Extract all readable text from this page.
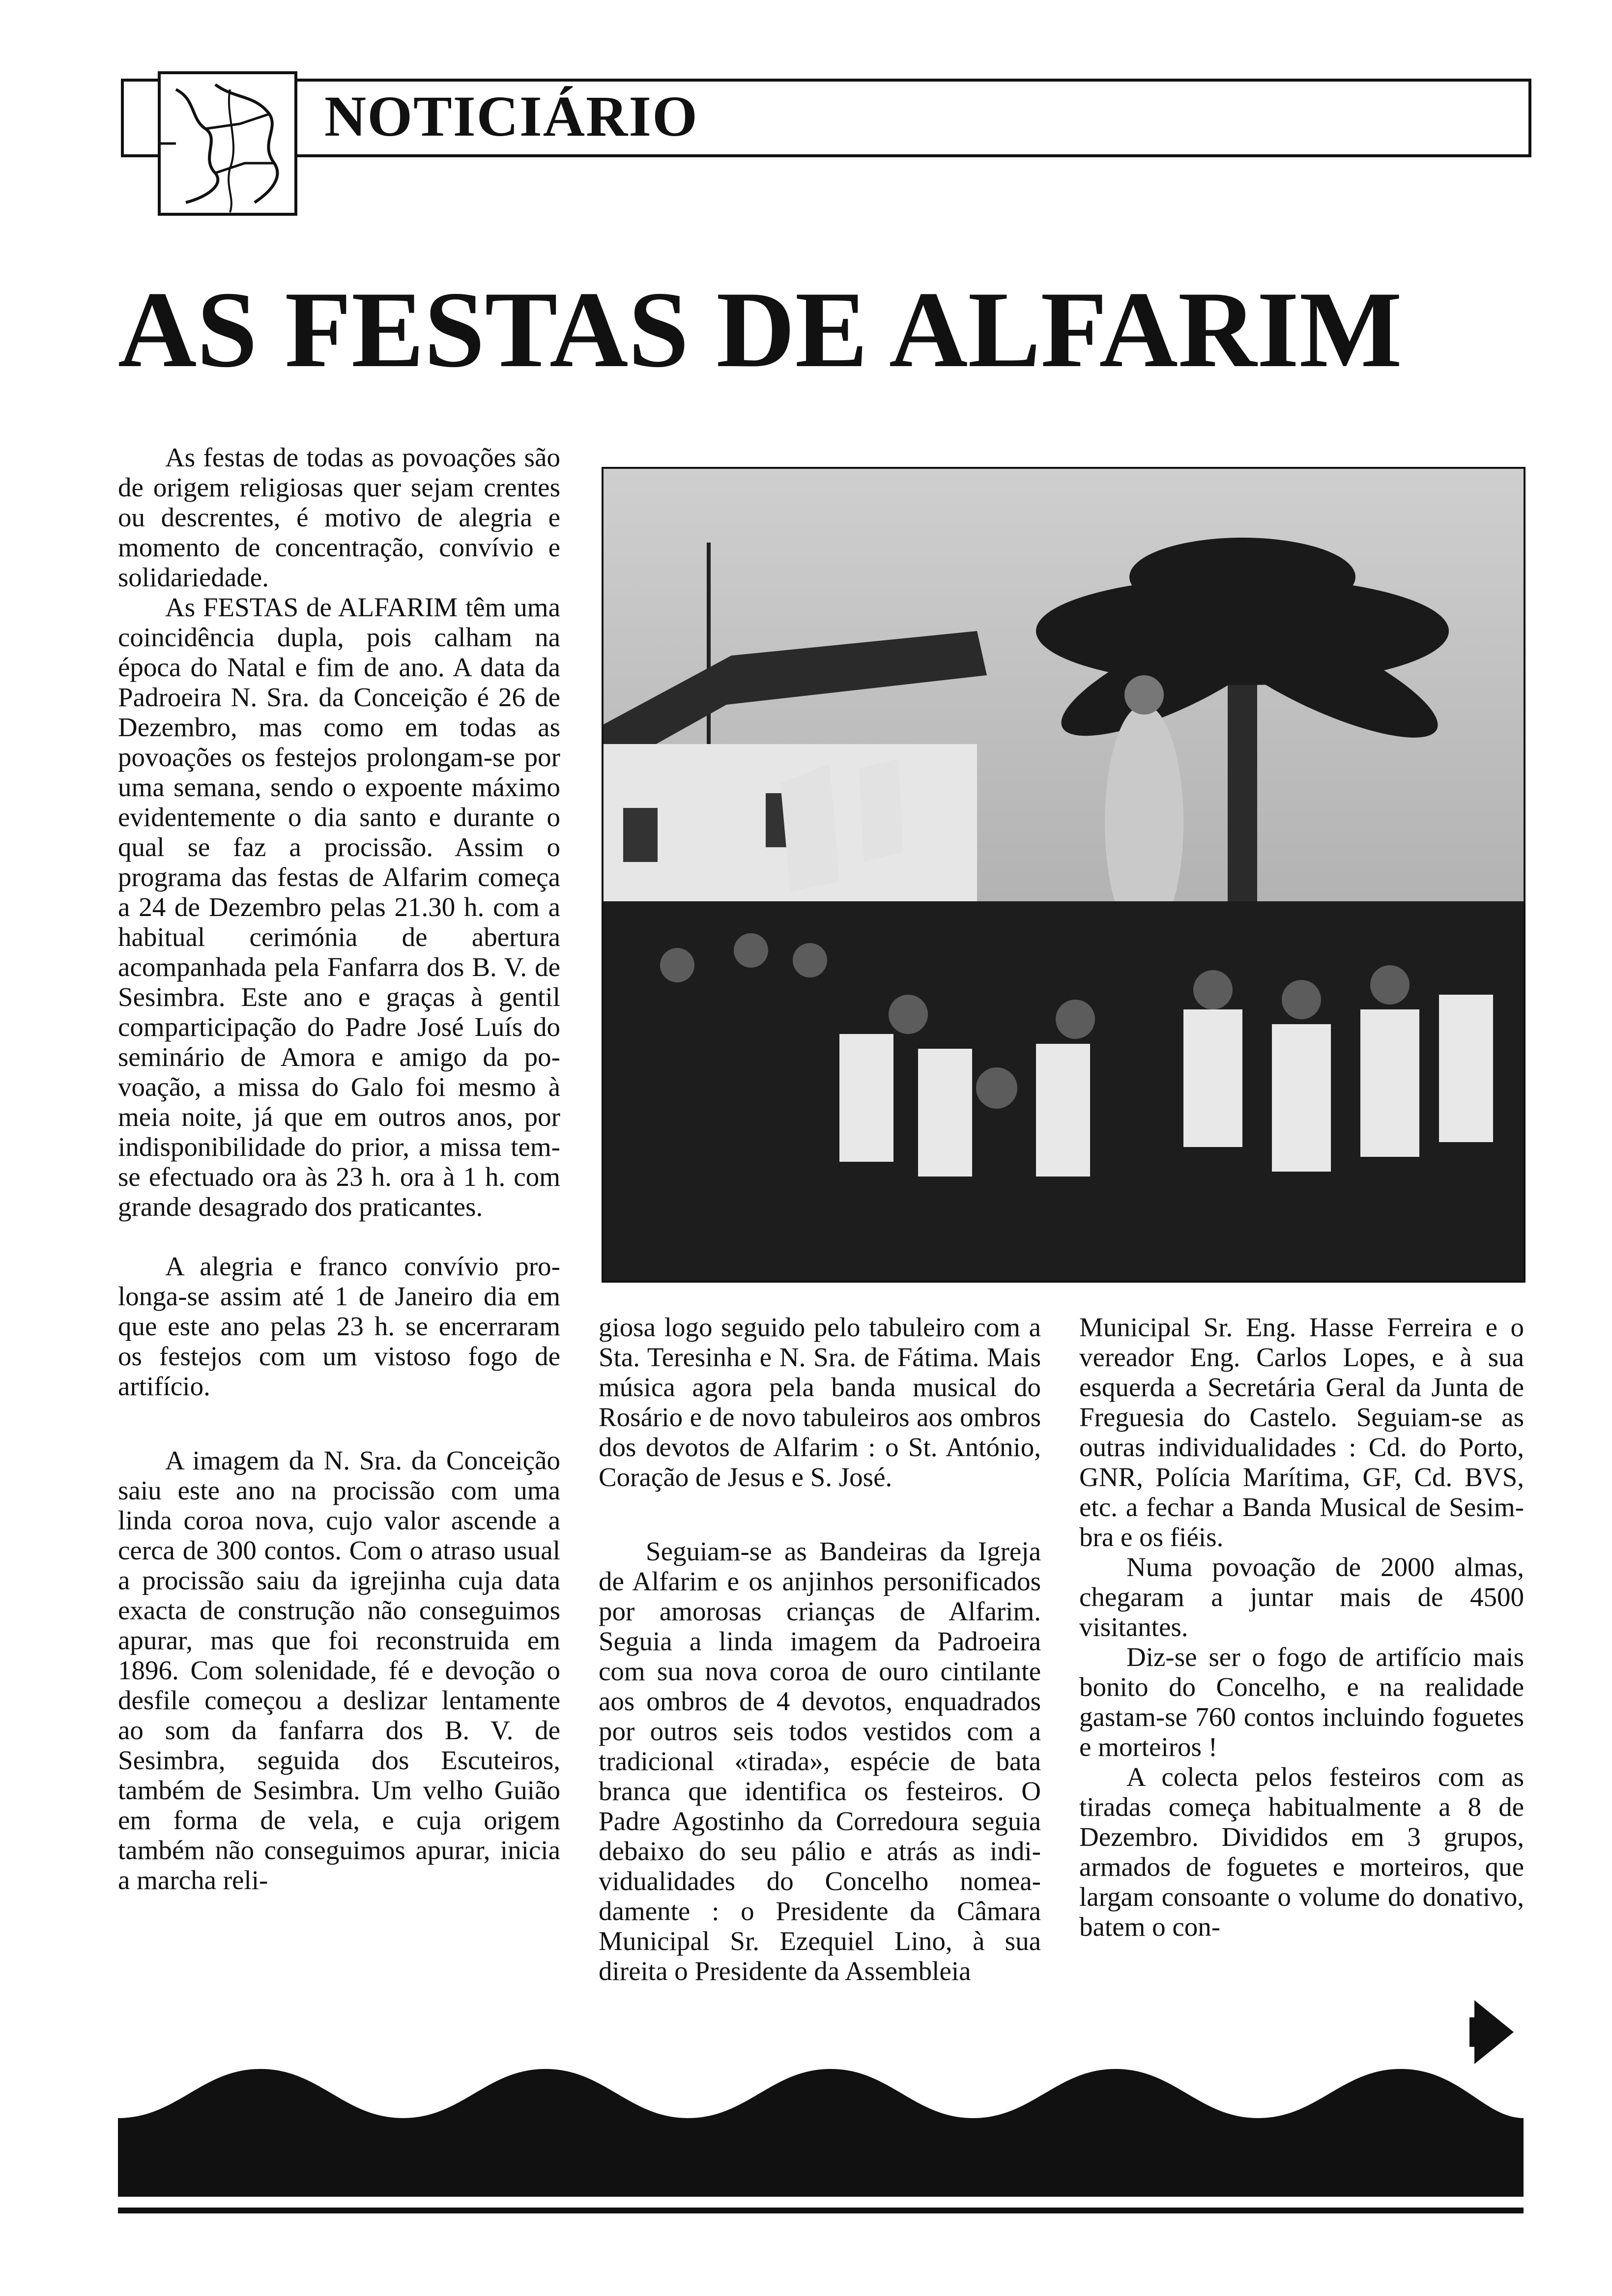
NOTICIÁRIO
AS FESTAS DE ALFARIM

As festas de todas as povoações são de origem religiosas quer sejam crentes ou descrentes, é motivo de alegria e momento de concentração, convívio e solidariedade.

As FESTAS de ALFARIM têm uma coincidência dupla, pois calham na época do Natal e fim de ano. A data da Padroeira N. Sra. da Conceição é 26 de Dezembro, mas como em todas as povoações os festejos prolongam-se por uma semana, sendo o expoente máximo evidentemente o dia santo e durante o qual se faz a procissão. Assim o programa das festas de Alfarim começa a 24 de Dezembro pelas 21.30 h. com a habitual cerimónia de abertura acompanhada pela Fanfarra dos B. V. de Sesimbra. Este ano e graças à gentil comparticipação do Padre José Luís do seminário de Amora e amigo da povoação, a missa do Galo foi mesmo à meia noite, já que em outros anos, por indisponibilidade do prior, a missa tem-se efectuado ora às 23 h. ora à 1 h. com grande desagrado dos praticantes.

A alegria e franco convívio prolonga-se assim até 1 de Janeiro dia em que este ano pelas 23 h. se encerraram os festejos com um vistoso fogo de artifício.

A imagem da N. Sra. da Conceição saiu este ano na procissão com uma linda coroa nova, cujo valor ascende a cerca de 300 contos. Com o atraso usual a procissão saiu da igrejinha cuja data exacta de construção não conseguimos apurar, mas que foi reconstruida em 1896. Com solenidade, fé e devoção o desfile começou a deslizar lentamente ao som da fanfarra dos B. V. de Sesimbra, seguida dos Escuteiros, também de Sesimbra. Um velho Guião em forma de vela, e cuja origem também não conseguimos apurar, inicia a marcha reli-

giosa logo seguido pelo tabuleiro com a Sta. Teresinha e N. Sra. de Fátima. Mais música agora pela banda musical do Rosário e de novo tabuleiros aos ombros dos devotos de Alfarim : o St. António, Coração de Jesus e S. José.

Seguiam-se as Bandeiras da Igreja de Alfarim e os anjinhos personificados por amorosas crianças de Alfarim. Seguia a linda imagem da Padroeira com sua nova coroa de ouro cintilante aos ombros de 4 devotos, enquadrados por outros seis todos vestidos com a tradicional «tirada», espécie de bata branca que identifica os festeiros. O Padre Agostinho da Corredoura seguia debaixo do seu pálio e atrás as individualidades do Concelho nomeadamente : o Presidente da Câmara Municipal Sr. Ezequiel Lino, à sua direita o Presidente da Assembleia

Municipal Sr. Eng. Hasse Ferreira e o vereador Eng. Carlos Lopes, e à sua esquerda a Secretária Geral da Junta de Freguesia do Castelo. Seguiam-se as outras individualidades : Cd. do Porto, GNR, Polícia Marítima, GF, Cd. BVS, etc. a fechar a Banda Musical de Sesimbra e os fiéis.

Numa povoação de 2000 almas, chegaram a juntar mais de 4500 visitantes.

Diz-se ser o fogo de artifício mais bonito do Concelho, e na realidade gastam-se 760 contos incluindo foguetes e morteiros !

A colecta pelos festeiros com as tiradas começa habitualmente a 8 de Dezembro. Divididos em 3 grupos, armados de foguetes e morteiros, que largam consoante o volume do donativo, batem o con-
